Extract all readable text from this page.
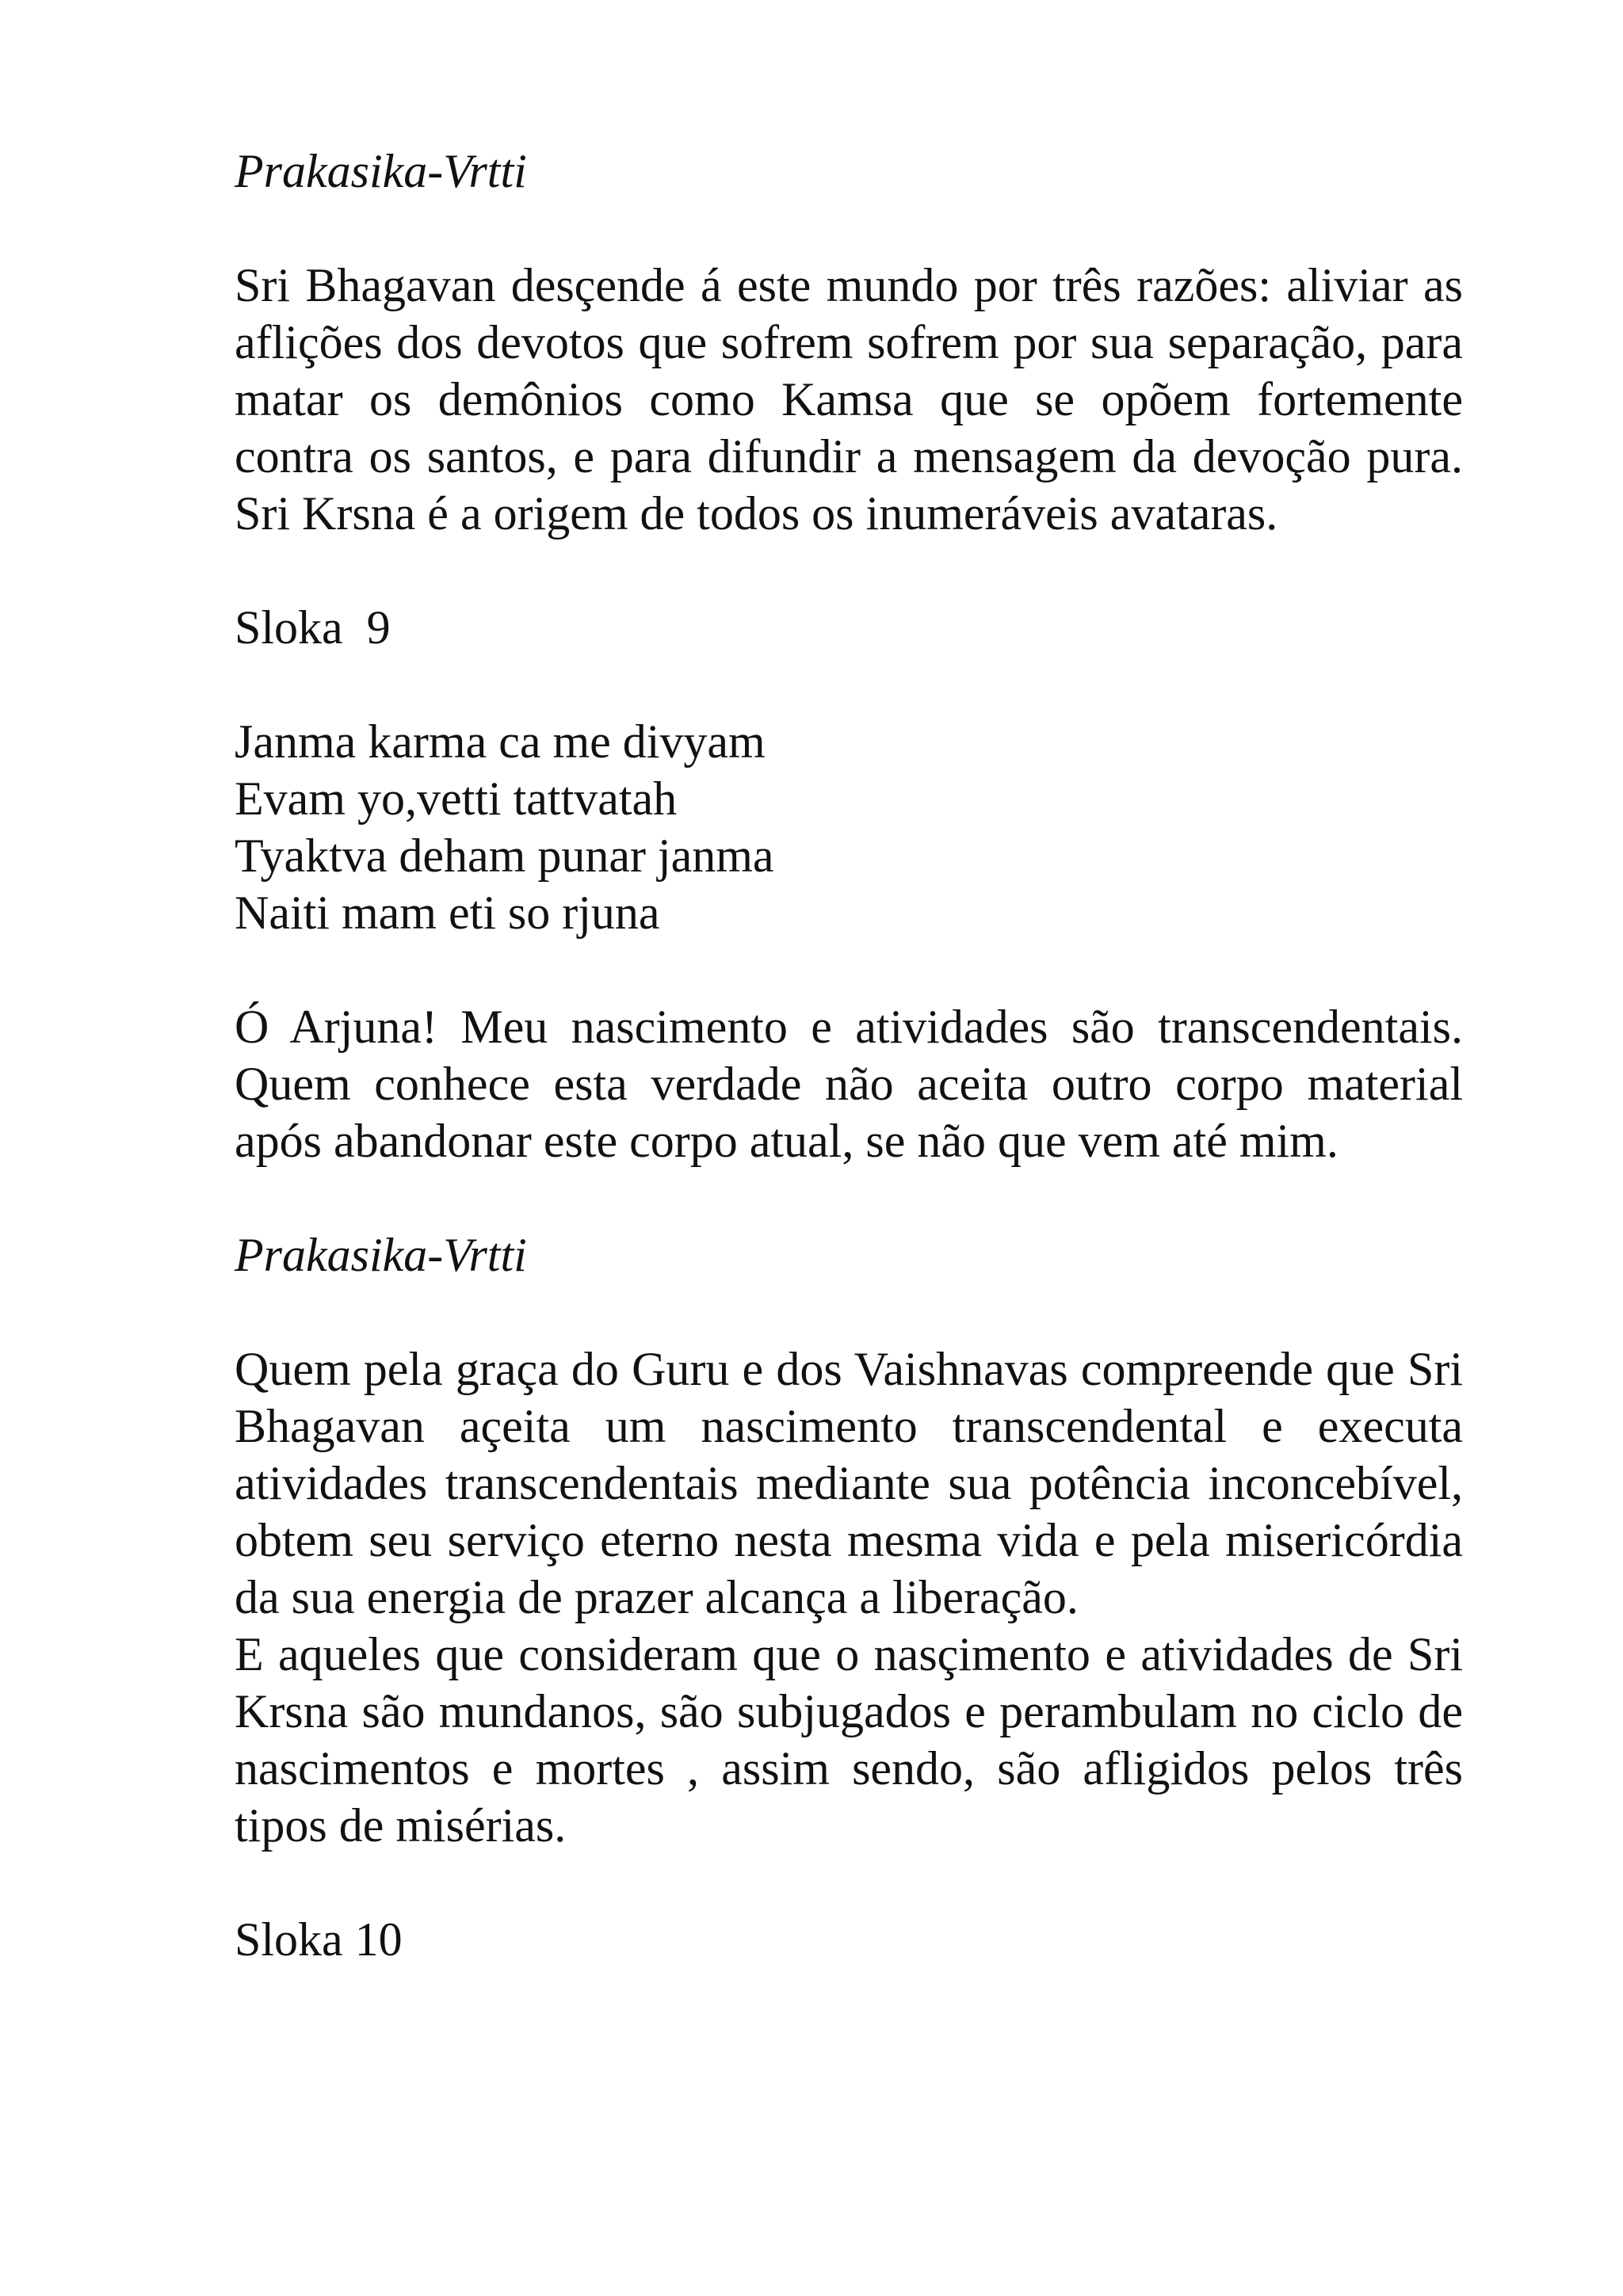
Prakasika-Vrtti

Sri Bhagavan desçende á este mundo por três razões: aliviar as aflições dos devotos que sofrem sofrem por sua separação, para matar os demônios como Kamsa que se opõem fortemente contra os santos, e para difundir a mensagem da devoção pura. Sri Krsna é a origem de todos os inumeráveis avataras.

Sloka  9

Janma karma ca me divyam
Evam yo,vetti tattvatah
Tyaktva deham punar janma
Naiti mam eti so rjuna

Ó Arjuna! Meu nascimento e atividades são transcendentais. Quem conhece esta verdade não aceita outro corpo material após abandonar este corpo atual, se não que vem até mim.

Prakasika-Vrtti

Quem pela graça do Guru e dos Vaishnavas compreende que Sri Bhagavan açeita um nascimento transcendental e executa atividades transcendentais mediante sua potência inconcebível, obtem seu serviço eterno nesta mesma vida e pela misericórdia da sua energia de prazer alcança a liberação.

E aqueles que consideram que o nasçimento e atividades de Sri Krsna são mundanos, são subjugados e perambulam no ciclo de nascimentos e mortes , assim sendo, são afligidos pelos três tipos de misérias.

Sloka 10
